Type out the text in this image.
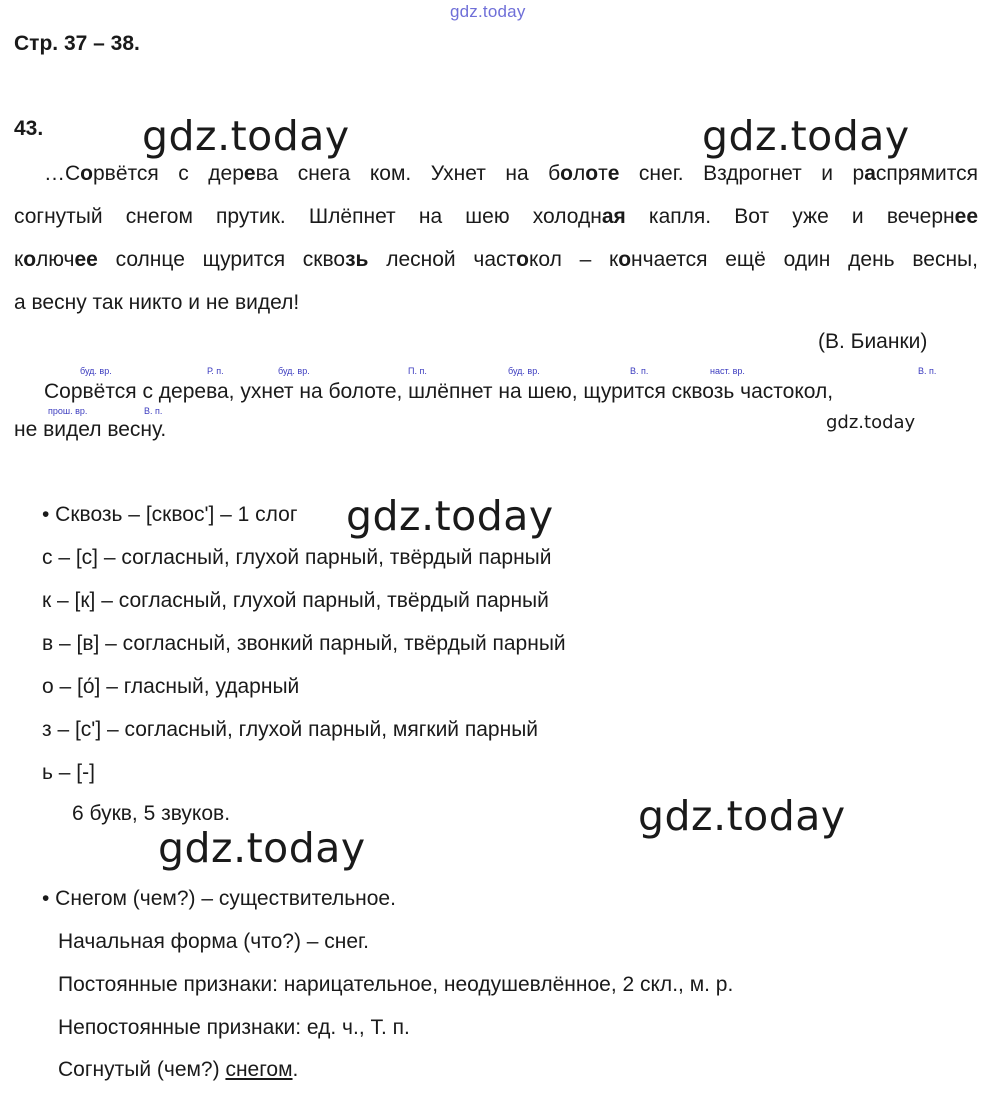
gdz.today
gdz.today	gdz.today
gdz.today
gdz.today
gdz.today
gdz.today
Стр. 37 – 38.
43.
…Сорвётся с дерева снега ком. Ухнет на болоте снег. Вздрогнет и распрямится
согнутый снегом прутик. Шлёпнет на шею холодная капля. Вот уже и вечернее
колючее солнце щурится сквозь лесной частокол – кончается ещё один день весны,
а весну так никто и не видел!
(В. Бианки)
буд. вр.	Р. п.	буд. вр.	П. п.	буд. вр.	В. п.	наст. вр.	В. п.
Сорвётся с дерева, ухнет на болоте, шлёпнет на шею, щурится сквозь частокол,
прош. вр.	В. п.
не видел весну.
• Сквозь – [сквос'] – 1 слог
с – [с] – согласный, глухой парный, твёрдый парный
к – [к] – согласный, глухой парный, твёрдый парный
в – [в] – согласный, звонкий парный, твёрдый парный
о – [о́] – гласный, ударный
з – [с'] – согласный, глухой парный, мягкий парный
ь – [-]
6 букв, 5 звуков.
• Снегом (чем?) – существительное.
Начальная форма (что?) – снег.
Постоянные признаки: нарицательное, неодушевлённое, 2 скл., м. р.
Непостоянные признаки: ед. ч., Т. п.
Согнутый (чем?) снегом.
